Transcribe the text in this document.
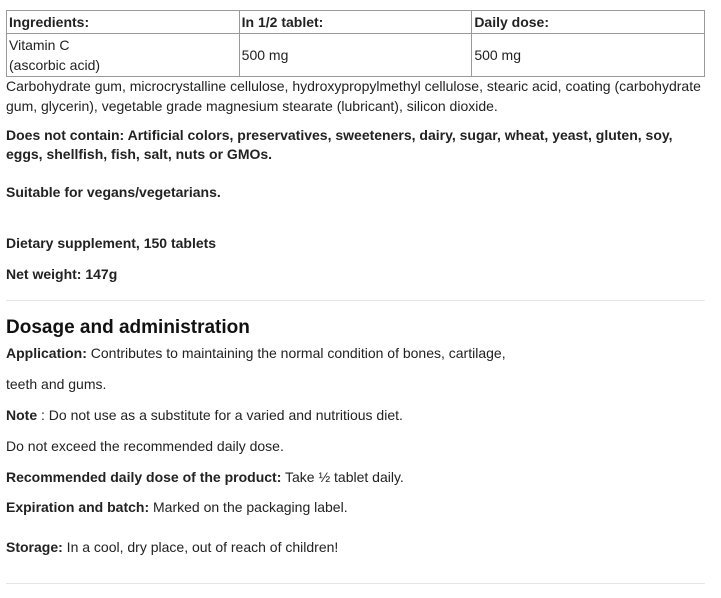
Ingredients:	In 1/2 tablet:	Daily dose:

Vitamin C
(ascorbic acid)	500 mg	500 mg

Carbohydrate gum, microcrystalline cellulose, hydroxypropylmethyl cellulose, stearic acid, coating (carbohydrate gum, glycerin), vegetable grade magnesium stearate (lubricant), silicon dioxide.

Does not contain: Artificial colors, preservatives, sweeteners, dairy, sugar, wheat, yeast, gluten, soy, eggs, shellfish, fish, salt, nuts or GMOs.

Suitable for vegans/vegetarians.

Dietary supplement, 150 tablets

Net weight: 147g

Dosage and administration

Application: Contributes to maintaining the normal condition of bones, cartilage,

teeth and gums.

Note : Do not use as a substitute for a varied and nutritious diet.

Do not exceed the recommended daily dose.

Recommended daily dose of the product: Take ½ tablet daily.

Expiration and batch: Marked on the packaging label.

Storage: In a cool, dry place, out of reach of children!
